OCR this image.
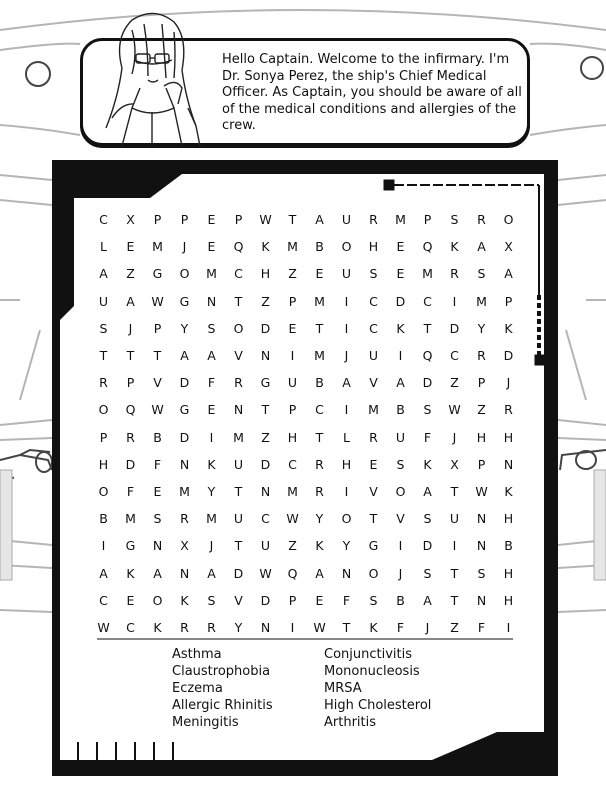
Hello Captain. Welcome to the infirmary. I'm Dr. Sonya Perez, the ship's Chief Medical Officer. As Captain, you should be aware of all of the medical conditions and allergies of the crew.

C	X	P	P	E	P	W	T	A	U	R	M	P	S	R	O
L	E	M	J	E	Q	K	M	B	O	H	E	Q	K	A	X
A	Z	G	O	M	C	H	Z	E	U	S	E	M	R	S	A
U	A	W	G	N	T	Z	P	M	I	C	D	C	I	M	P
S	J	P	Y	S	O	D	E	T	I	C	K	T	D	Y	K
T	T	T	A	A	V	N	I	M	J	U	I	Q	C	R	D
R	P	V	D	F	R	G	U	B	A	V	A	D	Z	P	J
O	Q	W	G	E	N	T	P	C	I	M	B	S	W	Z	R
P	R	B	D	I	M	Z	H	T	L	R	U	F	J	H	H
H	D	F	N	K	U	D	C	R	H	E	S	K	X	P	N
O	F	E	M	Y	T	N	M	R	I	V	O	A	T	W	K
B	M	S	R	M	U	C	W	Y	O	T	V	S	U	N	H
I	G	N	X	J	T	U	Z	K	Y	G	I	D	I	N	B
A	K	A	N	A	D	W	Q	A	N	O	J	S	T	S	H
C	E	O	K	S	V	D	P	E	F	S	B	A	T	N	H
W	C	K	R	R	Y	N	I	W	T	K	F	J	Z	F	I
Asthma
Claustrophobia
Eczema
Allergic Rhinitis
Meningitis
Conjunctivitis
Mononucleosis
MRSA
High Cholesterol
Arthritis
